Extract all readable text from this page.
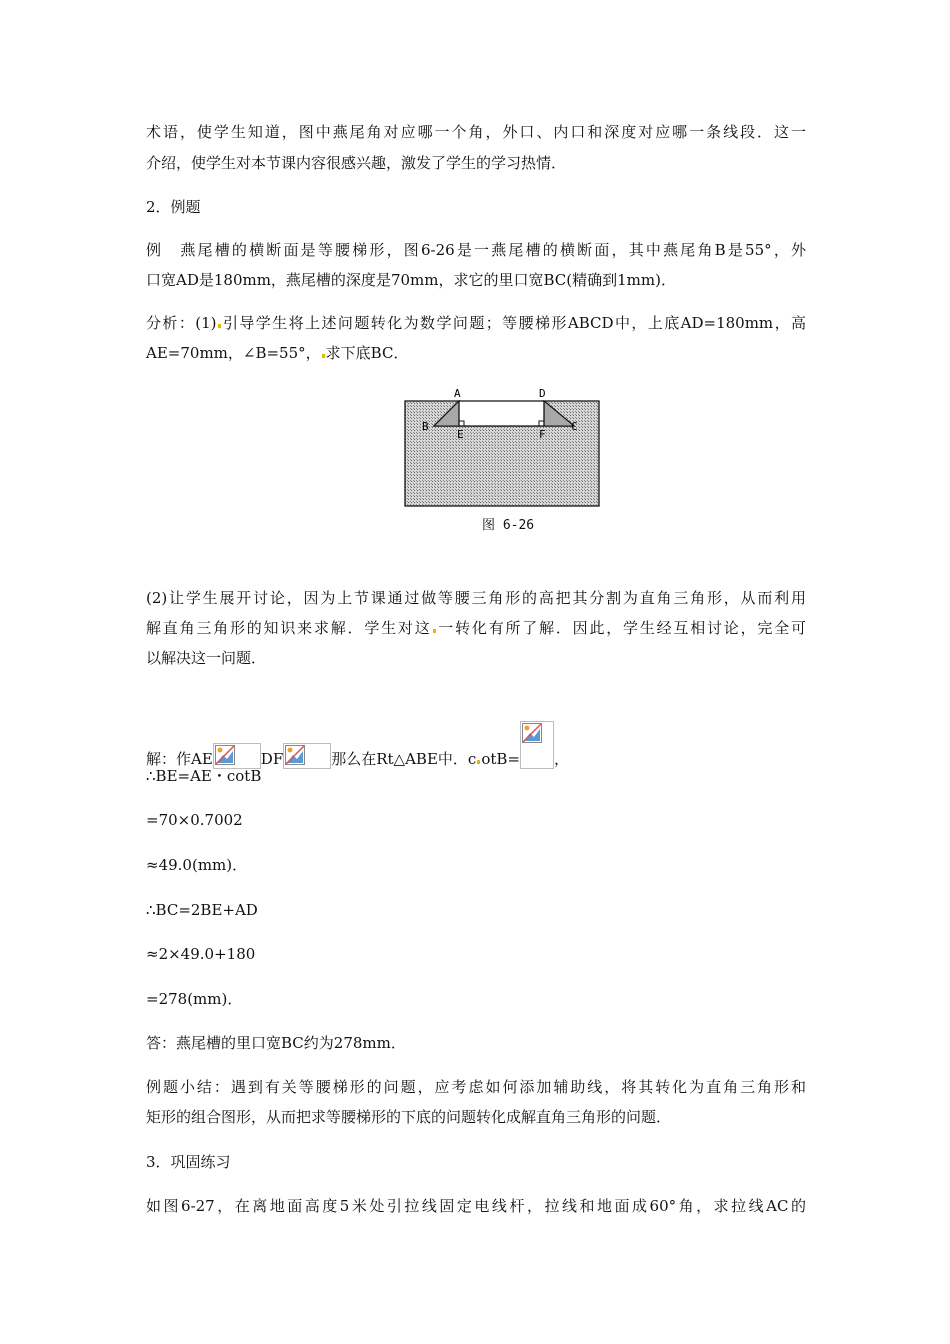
术语，使学生知道，图中燕尾角对应哪一个角，外口、内口和深度对应哪一条线段．这一
介绍，使学生对本节课内容很感兴趣，激发了学生的学习热情．
2．例题
例　燕尾槽的横断面是等腰梯形，图6-26是一燕尾槽的横断面，其中燕尾角B是55°，外
口宽AD是180mm，燕尾槽的深度是70mm，求它的里口宽BC(精确到1mm)．
分析：(1) 引导学生将上述问题转化为数学问题；等腰梯形ABCD中，上底AD=180mm，高
AE=70mm，∠B=55°， 求下底BC．
A	D
B
E	F
C
图 6-26
(2)让学生展开讨论，因为上节课通过做等腰三角形的高把其分割为直角三角形，从而利用
解直角三角形的知识来求解．学生对这 一转化有所了解．因此，学生经互相讨论，完全可
以解决这一问题．
解：作AE	DF	那么在Rt△ABE中．c otB= ，
∴BE=AE・cotB
=70×0.7002
≈49.0(mm)．
∴BC=2BE+AD
≈2×49.0+180
=278(mm)．
答：燕尾槽的里口宽BC约为278mm．
例题小结：遇到有关等腰梯形的问题，应考虑如何添加辅助线，将其转化为直角三角形和
矩形的组合图形，从而把求等腰梯形的下底的问题转化成解直角三角形的问题．
3．巩固练习
如图6-27，在离地面高度5米处引拉线固定电线杆，拉线和地面成60°角，求拉线AC的
